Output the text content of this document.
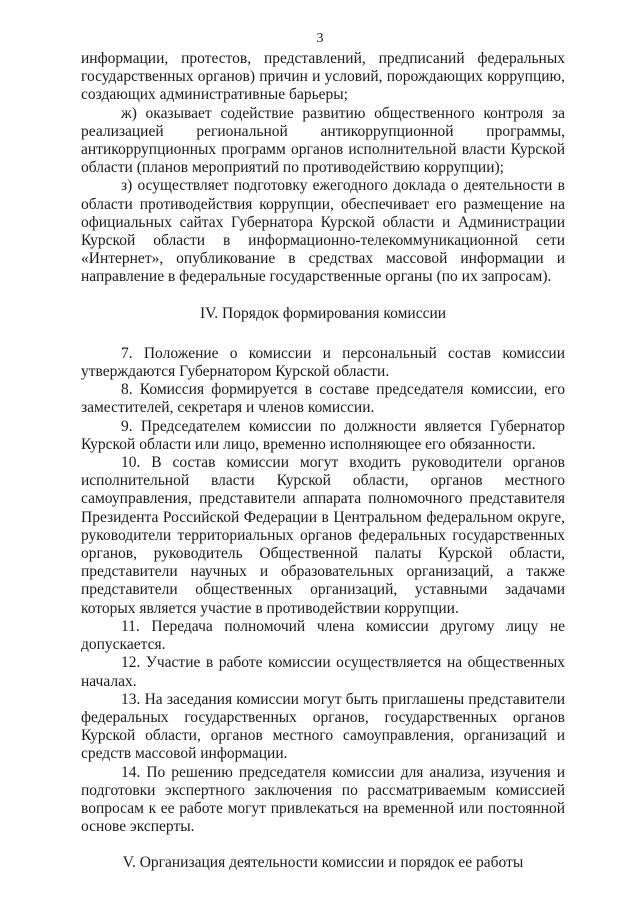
3

информации, протестов, представлений, предписаний федеральных государственных органов) причин и условий, порождающих коррупцию, создающих административные барьеры;

ж) оказывает содействие развитию общественного контроля за реализацией региональной антикоррупционной программы, антикоррупционных программ органов исполнительной власти Курской области (планов мероприятий по противодействию коррупции);

з) осуществляет подготовку ежегодного доклада о деятельности в области противодействия коррупции, обеспечивает его размещение на официальных сайтах Губернатора Курской области и Администрации Курской области в информационно-телекоммуникационной сети «Интернет», опубликование в средствах массовой информации и направление в федеральные государственные органы (по их запросам).

IV. Порядок формирования комиссии

7. Положение о комиссии и персональный состав комиссии утверждаются Губернатором Курской области.

8. Комиссия формируется в составе председателя комиссии, его заместителей, секретаря и членов комиссии.

9. Председателем комиссии по должности является Губернатор Курской области или лицо, временно исполняющее его обязанности.

10. В состав комиссии могут входить руководители органов исполнительной власти Курской области, органов местного самоуправления, представители аппарата полномочного представителя Президента Российской Федерации в Центральном федеральном округе, руководители территориальных органов федеральных государственных органов, руководитель Общественной палаты Курской области, представители научных и образовательных организаций, а также представители общественных организаций, уставными задачами которых является участие в противодействии коррупции.

11. Передача полномочий члена комиссии другому лицу не допускается.

12. Участие в работе комиссии осуществляется на общественных началах.

13. На заседания комиссии могут быть приглашены представители федеральных государственных органов, государственных органов Курской области, органов местного самоуправления, организаций и средств массовой информации.

14. По решению председателя комиссии для анализа, изучения и подготовки экспертного заключения по рассматриваемым комиссией вопросам к ее работе могут привлекаться на временной или постоянной основе эксперты.

V. Организация деятельности комиссии и порядок ее работы
